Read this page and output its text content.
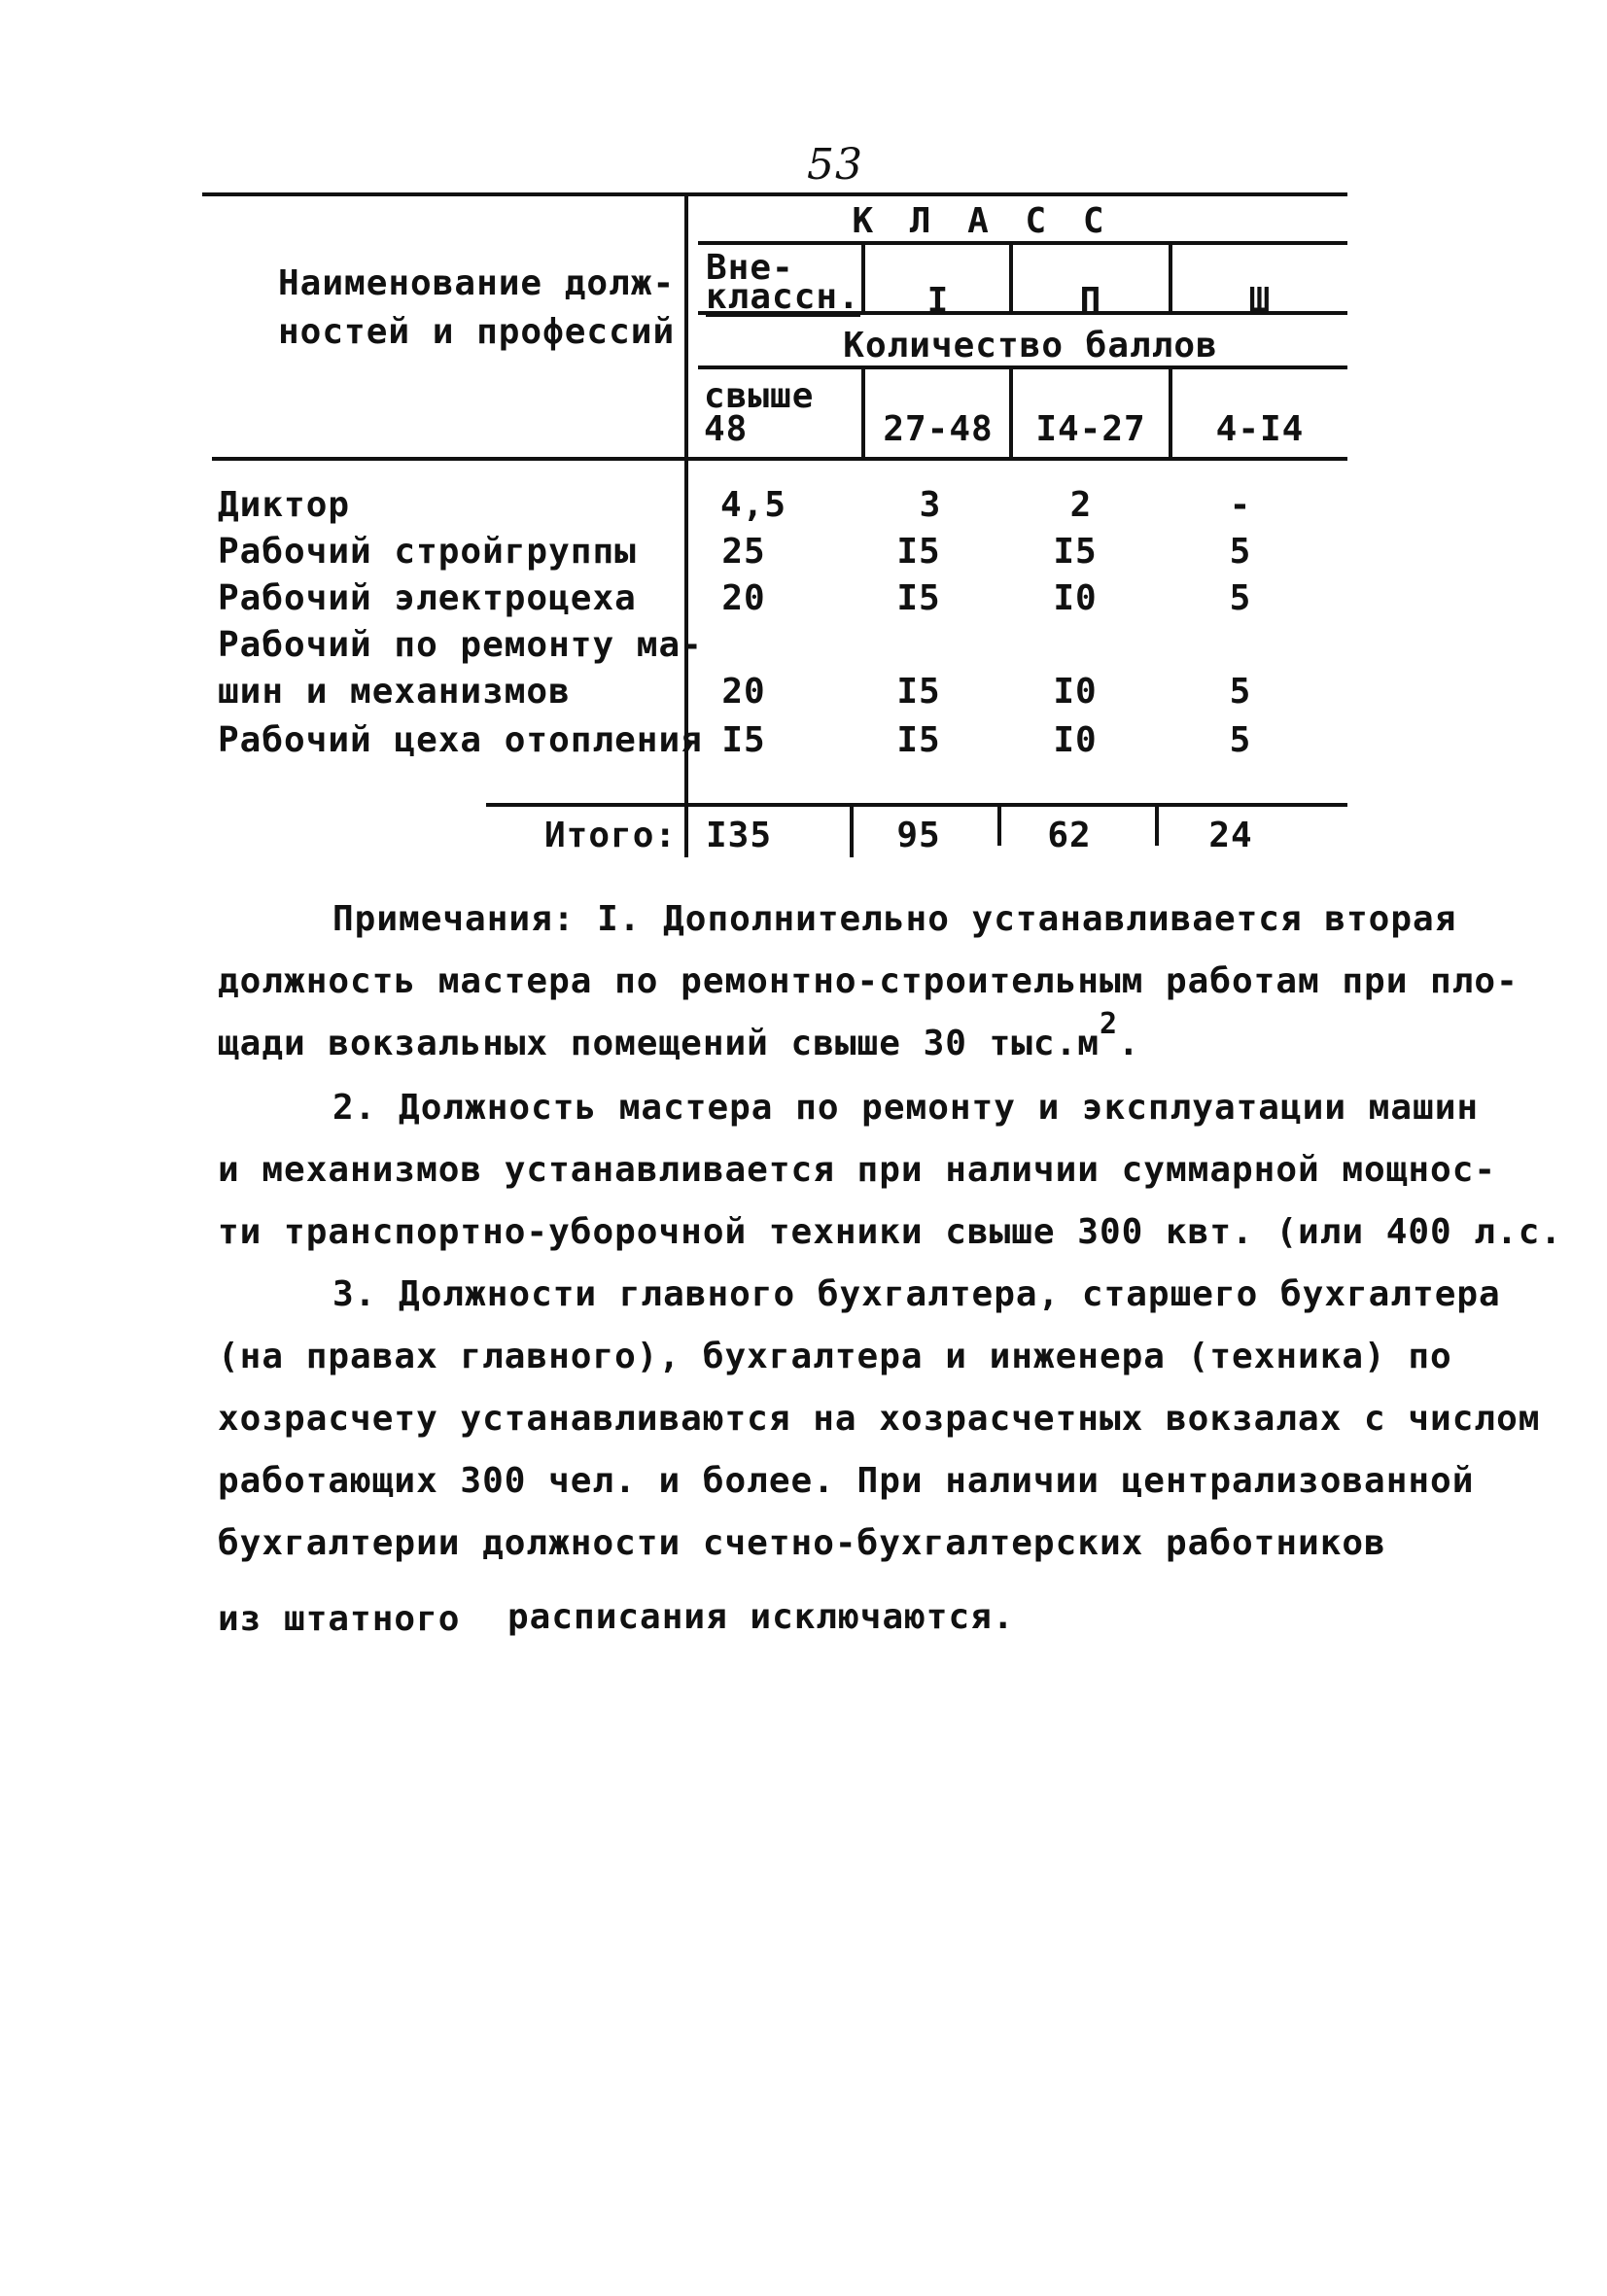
53
Наименование долж-
ностей и профессий
К Л А С С
Вне-
классн.	I	П	Ш
Количество баллов
свыше
48	27-48	I4-27	4-I4
Диктор	4,5	3	2	-
Рабочий стройгруппы	25	I5	I5	5
Рабочий электроцеха	20	I5	I0	5
Рабочий по ремонту ма-
шин и механизмов	20	I5	I0	5
Рабочий цеха отопления I5	I5	I0	5
Итого: I35	95	62	24
Примечания: I. Дополнительно устанавливается вторая
должность мастера по ремонтно-строительным работам при пло-
щади вокзальных помещений свыше 30 $тыс.м^2$.
2. Должность мастера по ремонту и эксплуатации машин
и механизмов устанавливается при наличии суммарной мощнос-
ти транспортно-уборочной техники свыше 300 квт. (или 400 л.с.
3. Должности главного бухгалтера, старшего бухгалтера
(на правах главного), бухгалтера и инженера (техника) по
хозрасчету устанавливаются на хозрасчетных вокзалах с числом
работающих 300 чел. и более. При наличии централизованной
бухгалтерии должности счетно-бухгалтерских работников
из штатного расписания исключаются.
